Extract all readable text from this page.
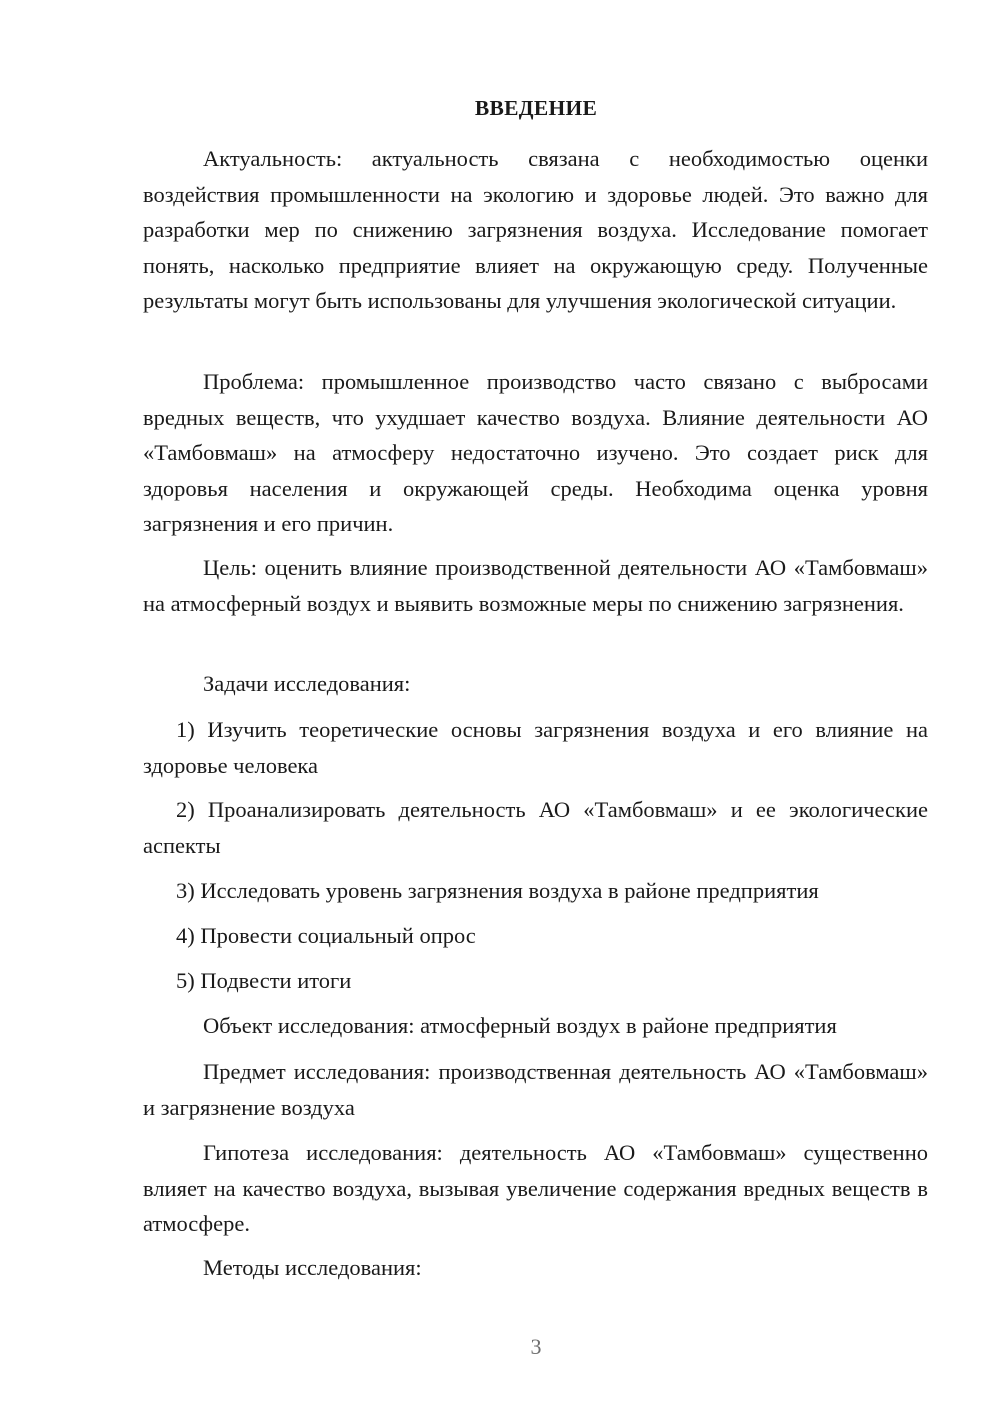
ВВЕДЕНИЕ
Актуальность: актуальность связана с необходимостью оценки воздействия промышленности на экологию и здоровье людей. Это важно для разработки мер по снижению загрязнения воздуха. Исследование помогает понять, насколько предприятие влияет на окружающую среду. Полученные результаты могут быть использованы для улучшения экологической ситуации.
Проблема: промышленное производство часто связано с выбросами вредных веществ, что ухудшает качество воздуха. Влияние деятельности АО «Тамбовмаш» на атмосферу недостаточно изучено. Это создает риск для здоровья населения и окружающей среды. Необходима оценка уровня загрязнения и его причин.
Цель: оценить влияние производственной деятельности АО «Тамбовмаш» на атмосферный воздух и выявить возможные меры по снижению загрязнения.
Задачи исследования:
1) Изучить теоретические основы загрязнения воздуха и его влияние на здоровье человека
2) Проанализировать деятельность АО «Тамбовмаш» и ее экологические аспекты
3) Исследовать уровень загрязнения воздуха в районе предприятия
4) Провести социальный опрос
5) Подвести итоги
Объект исследования: атмосферный воздух в районе предприятия
Предмет исследования: производственная деятельность АО «Тамбовмаш» и загрязнение воздуха
Гипотеза исследования: деятельность АО «Тамбовмаш» существенно влияет на качество воздуха, вызывая увеличение содержания вредных веществ в атмосфере.
Методы исследования:
3
